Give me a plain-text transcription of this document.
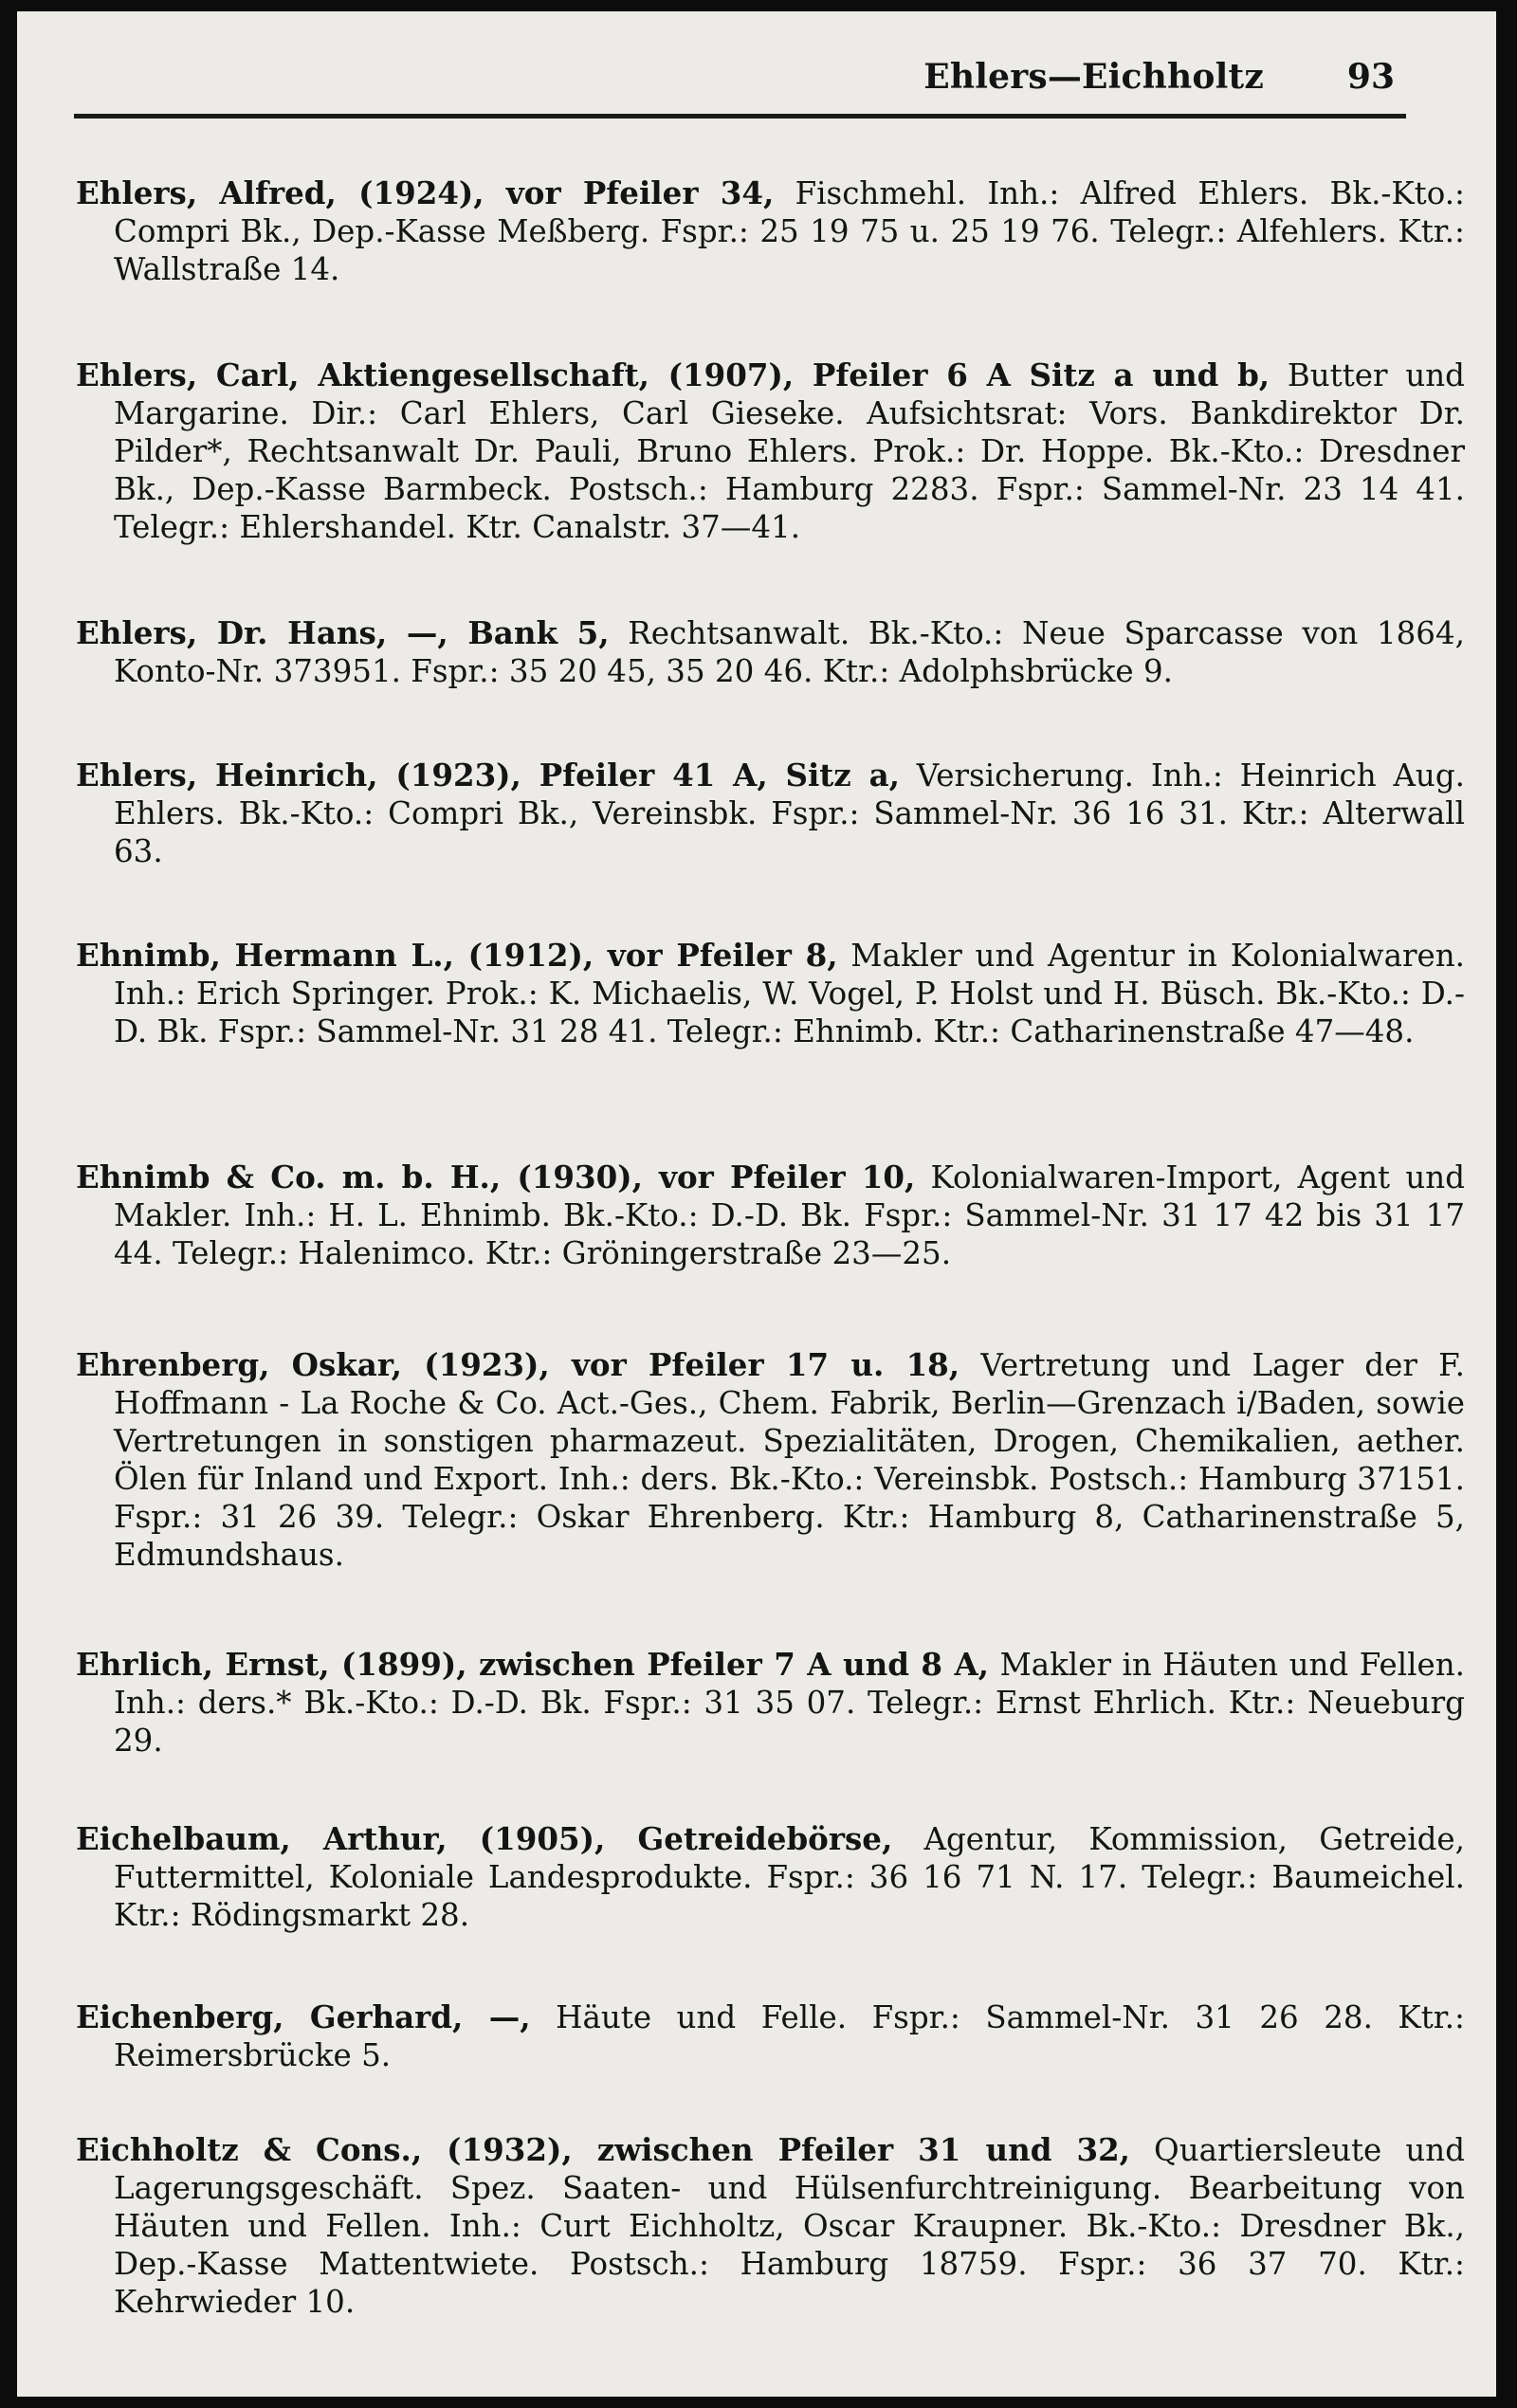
Ehlers—Eichholtz 93
Ehlers, Alfred, (1924), vor Pfeiler 34, Fischmehl. Inh.: Alfred Ehlers. Bk.-Kto.: Compri Bk., Dep.-Kasse Meßberg. Fspr.: 25 19 75 u. 25 19 76. Telegr.: Alfehlers. Ktr.: Wallstraße 14.
Ehlers, Carl, Aktiengesellschaft, (1907), Pfeiler 6 A Sitz a und b, Butter und Margarine. Dir.: Carl Ehlers, Carl Gieseke. Aufsichtsrat: Vors. Bankdirektor Dr. Pilder*, Rechtsanwalt Dr. Pauli, Bruno Ehlers. Prok.: Dr. Hoppe. Bk.-Kto.: Dresdner Bk., Dep.-Kasse Barmbeck. Postsch.: Hamburg 2283. Fspr.: Sammel-Nr. 23 14 41. Telegr.: Ehlershandel. Ktr. Canalstr. 37—41.
Ehlers, Dr. Hans, —, Bank 5, Rechtsanwalt. Bk.-Kto.: Neue Sparcasse von 1864, Konto-Nr. 373951. Fspr.: 35 20 45, 35 20 46. Ktr.: Adolphsbrücke 9.
Ehlers, Heinrich, (1923), Pfeiler 41 A, Sitz a, Versicherung. Inh.: Heinrich Aug. Ehlers. Bk.-Kto.: Compri Bk., Vereinsbk. Fspr.: Sammel-Nr. 36 16 31. Ktr.: Alterwall 63.
Ehnimb, Hermann L., (1912), vor Pfeiler 8, Makler und Agentur in Kolonialwaren. Inh.: Erich Springer. Prok.: K. Michaelis, W. Vogel, P. Holst und H. Büsch. Bk.-Kto.: D.-D. Bk. Fspr.: Sammel-Nr. 31 28 41. Telegr.: Ehnimb. Ktr.: Catharinenstraße 47—48.
Ehnimb & Co. m. b. H., (1930), vor Pfeiler 10, Kolonialwaren-Import, Agent und Makler. Inh.: H. L. Ehnimb. Bk.-Kto.: D.-D. Bk. Fspr.: Sammel-Nr. 31 17 42 bis 31 17 44. Telegr.: Halenimco. Ktr.: Gröningerstraße 23—25.
Ehrenberg, Oskar, (1923), vor Pfeiler 17 u. 18, Vertretung und Lager der F. Hoffmann - La Roche & Co. Act.-Ges., Chem. Fabrik, Berlin—Grenzach i/Baden, sowie Vertretungen in sonstigen pharmazeut. Spezialitäten, Drogen, Chemikalien, aether. Ölen für Inland und Export. Inh.: ders. Bk.-Kto.: Vereinsbk. Postsch.: Hamburg 37151. Fspr.: 31 26 39. Telegr.: Oskar Ehrenberg. Ktr.: Hamburg 8, Catharinenstraße 5, Edmundshaus.
Ehrlich, Ernst, (1899), zwischen Pfeiler 7 A und 8 A, Makler in Häuten und Fellen. Inh.: ders.* Bk.-Kto.: D.-D. Bk. Fspr.: 31 35 07. Telegr.: Ernst Ehrlich. Ktr.: Neueburg 29.
Eichelbaum, Arthur, (1905), Getreidebörse, Agentur, Kommission, Getreide, Futtermittel, Koloniale Landesprodukte. Fspr.: 36 16 71 N. 17. Telegr.: Baumeichel. Ktr.: Rödingsmarkt 28.
Eichenberg, Gerhard, —, Häute und Felle. Fspr.: Sammel-Nr. 31 26 28. Ktr.: Reimersbrücke 5.
Eichholtz & Cons., (1932), zwischen Pfeiler 31 und 32, Quartiersleute und Lagerungsgeschäft. Spez. Saaten- und Hülsenfurchtreinigung. Bearbeitung von Häuten und Fellen. Inh.: Curt Eichholtz, Oscar Kraupner. Bk.-Kto.: Dresdner Bk., Dep.-Kasse Mattentwiete. Postsch.: Hamburg 18759. Fspr.: 36 37 70. Ktr.: Kehrwieder 10.
